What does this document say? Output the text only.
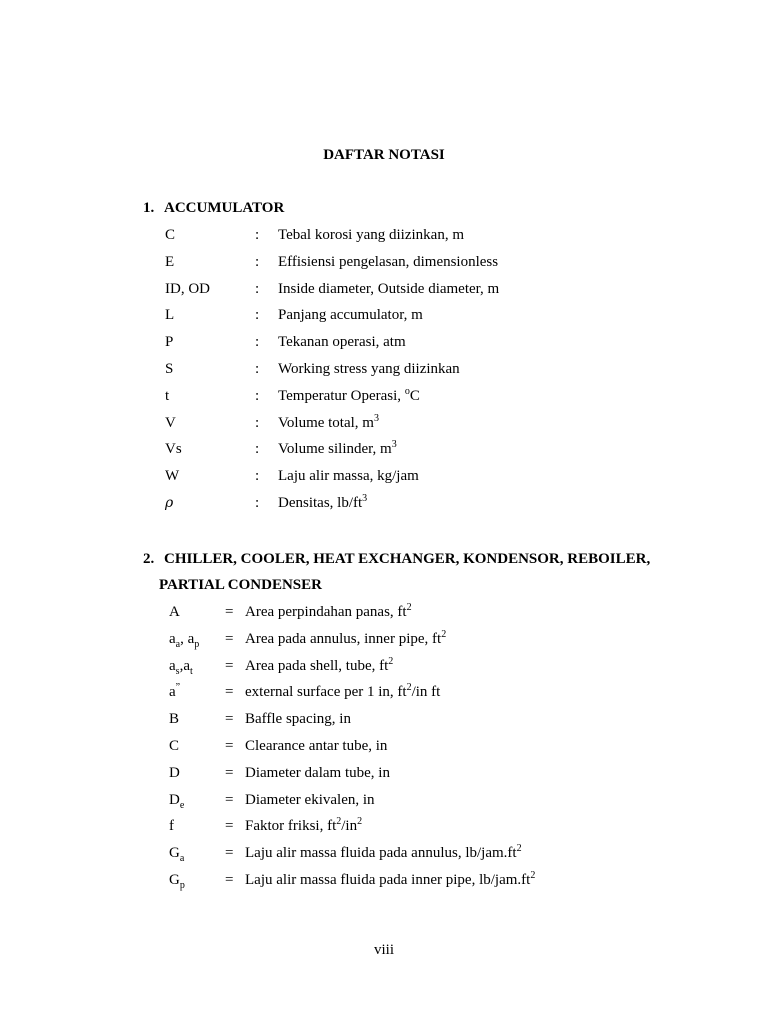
DAFTAR NOTASI
1. ACCUMULATOR
C	: Tebal korosi yang diizinkan, m
E	: Effisiensi pengelasan, dimensionless
ID, OD	: Inside diameter, Outside diameter, m
L	: Panjang accumulator, m
P	: Tekanan operasi, atm
S	: Working stress yang diizinkan
t	: Temperatur Operasi, $^o$C
V	: Volume total, $m^3$
Vs	: Volume silinder, $m^3$
W	: Laju alir massa, kg/jam
ρ	: Densitas, $lb/ft^3$
2. CHILLER, COOLER, HEAT EXCHANGER, KONDENSOR, REBOILER,
PARTIAL CONDENSER
A	= Area perpindahan panas, $ft^2$
$a_a$, $a_p$ = Area pada annulus, inner pipe, $ft^2$
$a_s,a_t$ = Area pada shell, tube, $ft^2$
a”	= external surface per 1 in, $ft^2/in$ ft
B	= Baffle spacing, in
C	= Clearance antar tube, in
D	= Diameter dalam tube, in
$D_e$	= Diameter ekivalen, in
f	= Faktor friksi, $ft^2/in^2$
$G_a$	= Laju alir massa fluida pada annulus, $lb/jam.ft^2$
$G_p$	= Laju alir massa fluida pada inner pipe, $lb/jam.ft^2$
viii
